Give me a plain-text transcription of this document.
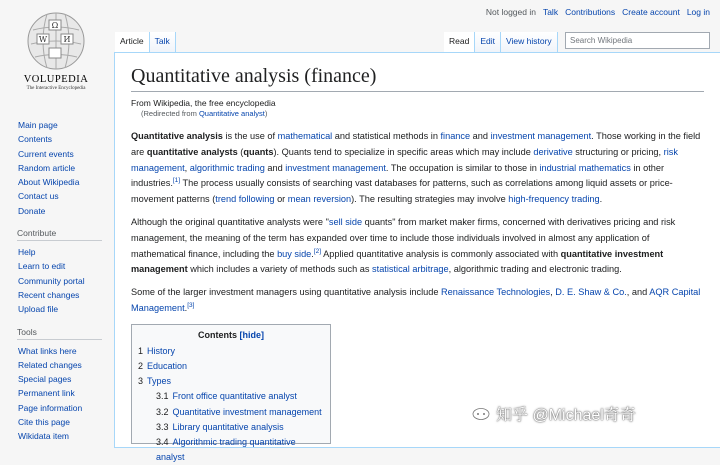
Ω
W И
VOLUPEDIA
The Interactive Encyclopedia
Not logged in Talk Contributions Create account Log in
Article	Talk	Read	Edit	View history	Search Wikipedia
Main page
Contents
Current events
Random article
About Wikipedia
Contact us
Donate
Contribute
Help
Learn to edit
Community portal
Recent changes
Upload file
Tools
What links here
Related changes
Special pages
Permanent link
Page information
Cite this page
Wikidata item
Quantitative analysis (finance)
From Wikipedia, the free encyclopedia
(Redirected from Quantitative analyst)

Quantitative analysis is the use of mathematical and statistical methods in finance and investment management. Those working in the field are quantitative analysts (quants). Quants tend to specialize in specific areas which may include derivative structuring or pricing, risk management, algorithmic trading and investment management. The occupation is similar to those in industrial mathematics in other industries.[1] The process usually consists of searching vast databases for patterns, such as correlations among liquid assets or price-movement patterns (trend following or mean reversion). The resulting strategies may involve high-frequency trading.

Although the original quantitative analysts were "sell side quants" from market maker firms, concerned with derivatives pricing and risk management, the meaning of the term has expanded over time to include those individuals involved in almost any application of mathematical finance, including the buy side.[2] Applied quantitative analysis is commonly associated with quantitative investment management which includes a variety of methods such as statistical arbitrage, algorithmic trading and electronic trading.

Some of the larger investment managers using quantitative analysis include Renaissance Technologies, D. E. Shaw & Co., and AQR Capital Management.[3]

Contents [hide]
1 History
2 Education
3 Types
3.1 Front office quantitative analyst
3.2 Quantitative investment management
3.3 Library quantitative analysis
3.4 Algorithmic trading quantitative analyst
知乎 @Michael奇奇
